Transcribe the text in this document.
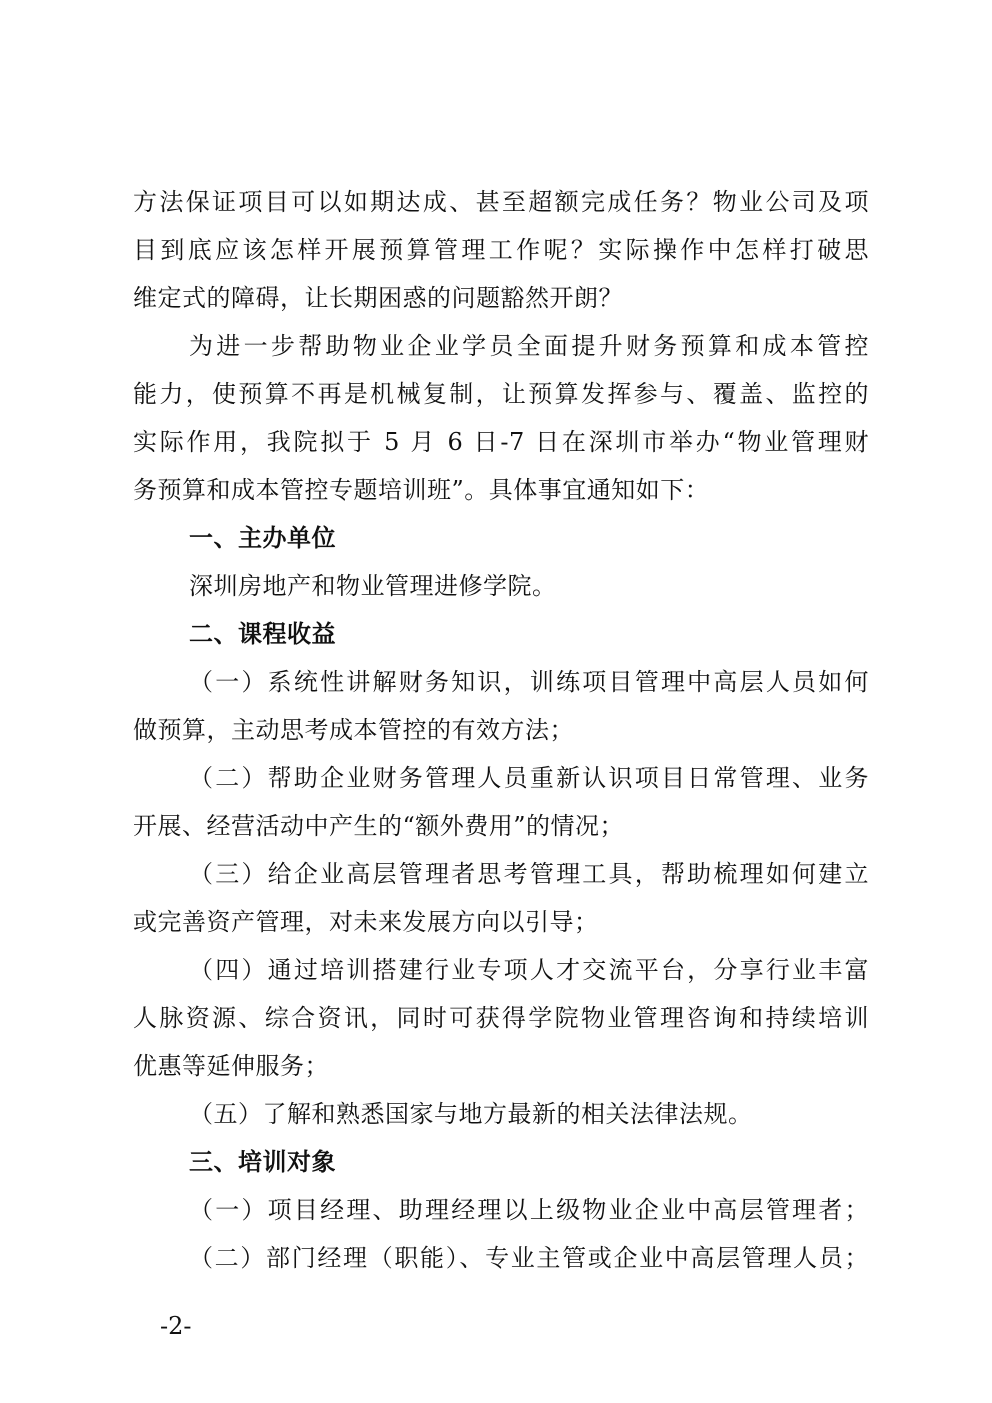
方法保证项目可以如期达成、甚至超额完成任务？物业公司及项
目到底应该怎样开展预算管理工作呢？实际操作中怎样打破思
维定式的障碍，让长期困惑的问题豁然开朗？
为进一步帮助物业企业学员全面提升财务预算和成本管控
能力，使预算不再是机械复制，让预算发挥参与、覆盖、监控的
实际作用，我院拟于 5 月 6 日-7 日在深圳市举办“物业管理财
务预算和成本管控专题培训班”。具体事宜通知如下：
一、主办单位
深圳房地产和物业管理进修学院。
二、课程收益
（一）系统性讲解财务知识，训练项目管理中高层人员如何
做预算，主动思考成本管控的有效方法；
（二）帮助企业财务管理人员重新认识项目日常管理、业务
开展、经营活动中产生的“额外费用”的情况；
（三）给企业高层管理者思考管理工具，帮助梳理如何建立
或完善资产管理，对未来发展方向以引导；
（四）通过培训搭建行业专项人才交流平台，分享行业丰富
人脉资源、综合资讯，同时可获得学院物业管理咨询和持续培训
优惠等延伸服务；
（五）了解和熟悉国家与地方最新的相关法律法规。
三、培训对象
（一）项目经理、助理经理以上级物业企业中高层管理者；
（二）部门经理（职能）、专业主管或企业中高层管理人员；
-2-
